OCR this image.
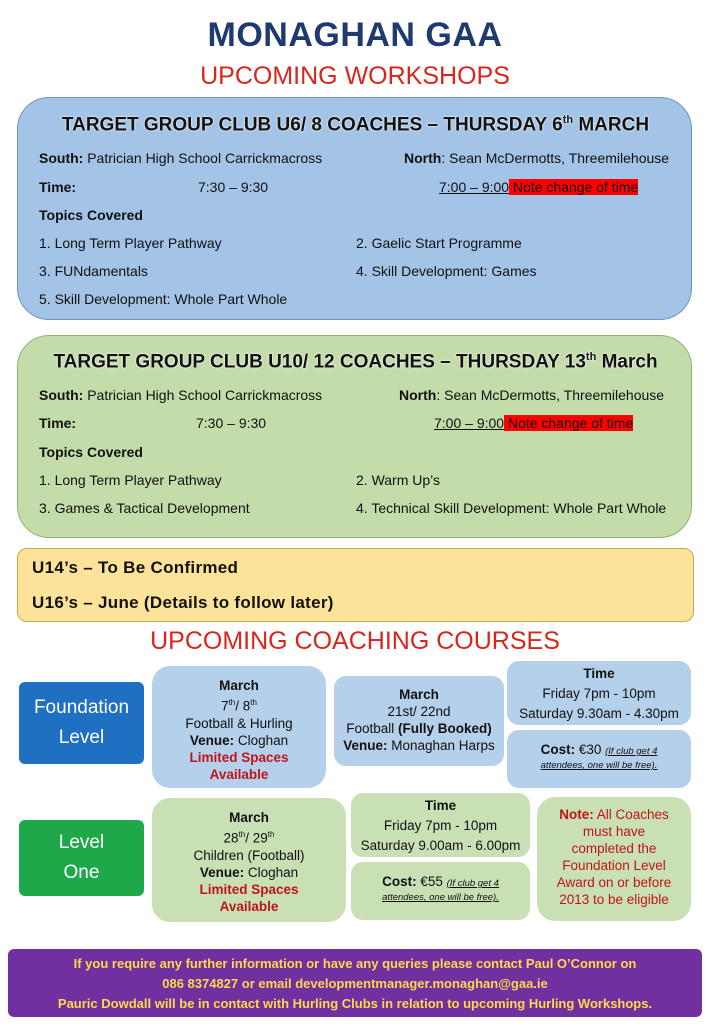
MONAGHAN GAA
UPCOMING WORKSHOPS
TARGET GROUP CLUB U6/ 8 COACHES – THURSDAY 6th MARCH
South: Patrician High School Carrickmacross	North: Sean McDermotts, Threemilehouse
Time:	7:30 – 9:30	7:00 – 9:00 Note change of time
Topics Covered
1. Long Term Player Pathway	2. Gaelic Start Programme
3. FUNdamentals	4. Skill Development: Games
5. Skill Development: Whole Part Whole
TARGET GROUP CLUB U10/ 12 COACHES – THURSDAY 13th March
South: Patrician High School Carrickmacross	North: Sean McDermotts, Threemilehouse
Time:	7:30 – 9:30	7:00 – 9:00 Note change of time
Topics Covered
1. Long Term Player Pathway	2. Warm Up’s
3. Games & Tactical Development	4. Technical Skill Development: Whole Part Whole
U14’s – To Be Confirmed
U16’s – June (Details to follow later)
UPCOMING COACHING COURSES
Foundation
Level
March
7th/ 8th
Football & Hurling
Venue: Cloghan
Limited Spaces
Available
March
21st/ 22nd
Football (Fully Booked)
Venue: Monaghan Harps
Time
Friday 7pm - 10pm
Saturday 9.30am - 4.30pm
Cost: €30 (If club get 4
attendees, one will be free).
Level
One
March
28th/ 29th
Children (Football)
Venue: Cloghan
Limited Spaces
Available
Time
Friday 7pm - 10pm
Saturday 9.00am - 6.00pm
Cost: €55 (If club get 4
attendees, one will be free).
Note: All Coaches
must have
completed the
Foundation Level
Award on or before
2013 to be eligible
If you require any further information or have any queries please contact Paul O’Connor on
086 8374827 or email developmentmanager.monaghan@gaa.ie
Pauric Dowdall will be in contact with Hurling Clubs in relation to upcoming Hurling Workshops.
